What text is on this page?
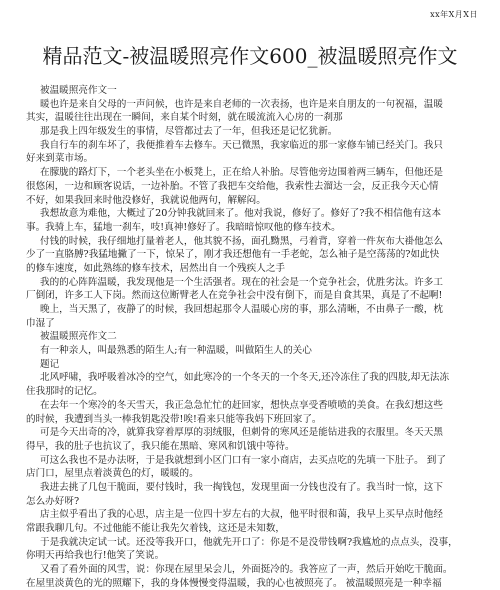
xx年X月X日
精品范文-被温暖照亮作文600_被温暖照亮作文
被温暖照亮作文一
暖也许是来自父母的一声问候，也许是来自老师的一次表扬，也许是来自朋友的一句祝福，温暖
其实，温暖往往出现在一瞬间，来自某个时刻，就在暖流流入心房的一刹那
那是我上四年级发生的事情，尽管都过去了一年，但我还是记忆犹新。
我自行车的刹车坏了，我便推着车去修车。天已微黑，我家临近的那一家修车铺已经关门。我只
好来到菜市场。
在朦胧的路灯下，一个老头坐在小板凳上，正在给人补胎。尽管他旁边围着两三辆车，但他还是
很悠闲，一边和顾客说话，一边补胎。不管了我把车交给他，我索性去溜达一会，反正我今天心情
不好，如果我回来时他没修好，我就说他两句，解解闷。
我想故意为难他，大概过了20分钟我就回来了。他对我说，修好了。修好了?我不相信他有这本
事。我骑上车，猛地一刹车，吱!真神!修好了。我暗暗惊叹他的修车技术。
付钱的时候，我仔细地打量着老人，他其貌不扬，面孔黝黑，弓着背，穿着一件灰布大褂他怎么
少了一直胳膊?我猛地撇了一下，惊呆了，刚才我还想他有一手老蛇，怎么袖子是空荡荡的?如此快
的修车速度，如此熟练的修车技术，居然出自一个残疾人之手
我的的心阵阵温暖，我发现他是一个生活强者。现在的社会是一个竞争社会，优胜劣汰。许多工
厂倒闭，许多工人下岗。然而这位断臂老人在竞争社会中没有倒下，而是自食其果，真是了不起啊!
晚上，当天黑了，夜静了的时候，我回想起那令人温暖心房的事，那么清晰，不由鼻子一酸，枕
巾湿了
被温暖照亮作文二
有一种亲人，叫最熟悉的陌生人;有一种温暖，叫做陌生人的关心
题记
北风呼啸，我呼吸着冰冷的空气，如此寒冷的一个冬天的一个冬天,还冷冻住了我的四肢,却无法冻
住我那时的记忆。
在去年一个寒冷的冬天雪天，我正急急忙忙的赶回家，想快点享受香喷喷的美食。在我幻想这些
的时候，我遭到当头一棒我钥匙没带!唉!看来只能等我妈下班回家了。
可是今天出奇的冷，就算我穿着厚厚的羽绒服，但刺骨的寒风还是能钻进我的衣服里。冬天天黑
得早，我的肚子也抗议了，我只能在黑暗、寒风和饥饿中等待。
可这么我也不是办法呀，于是我就想到小区门口有一家小商店，去买点吃的先填一下肚子。 到了
店门口，屋里点着淡黄色的灯，暖暖的。
我进去挑了几包干脆面，要付钱时，我一掏钱包，发现里面一分钱也没有了。我当时一惊，这下
怎么办好呀?
店主似乎看出了我的心思，店主是一位四十岁左右的大叔，他平时很和蔼，我早上买早点时他经
常跟我聊几句。不过他能不能让我先欠着钱，这还是未知数，
于是我就决定试一试。还没等我开口，他就先开口了：你是不是没带钱啊?我尴尬的点点头，没事，
你明天再给我也行!他笑了笑说。
又看了看外面的风雪，说：你现在屋里呆会儿，外面挺冷的。我答应了一声，然后开始吃干脆面。
在屋里淡黄色的光的照耀下，我的身体慢慢变得温暖，我的心也被照亮了。 被温暖照亮是一种幸福
